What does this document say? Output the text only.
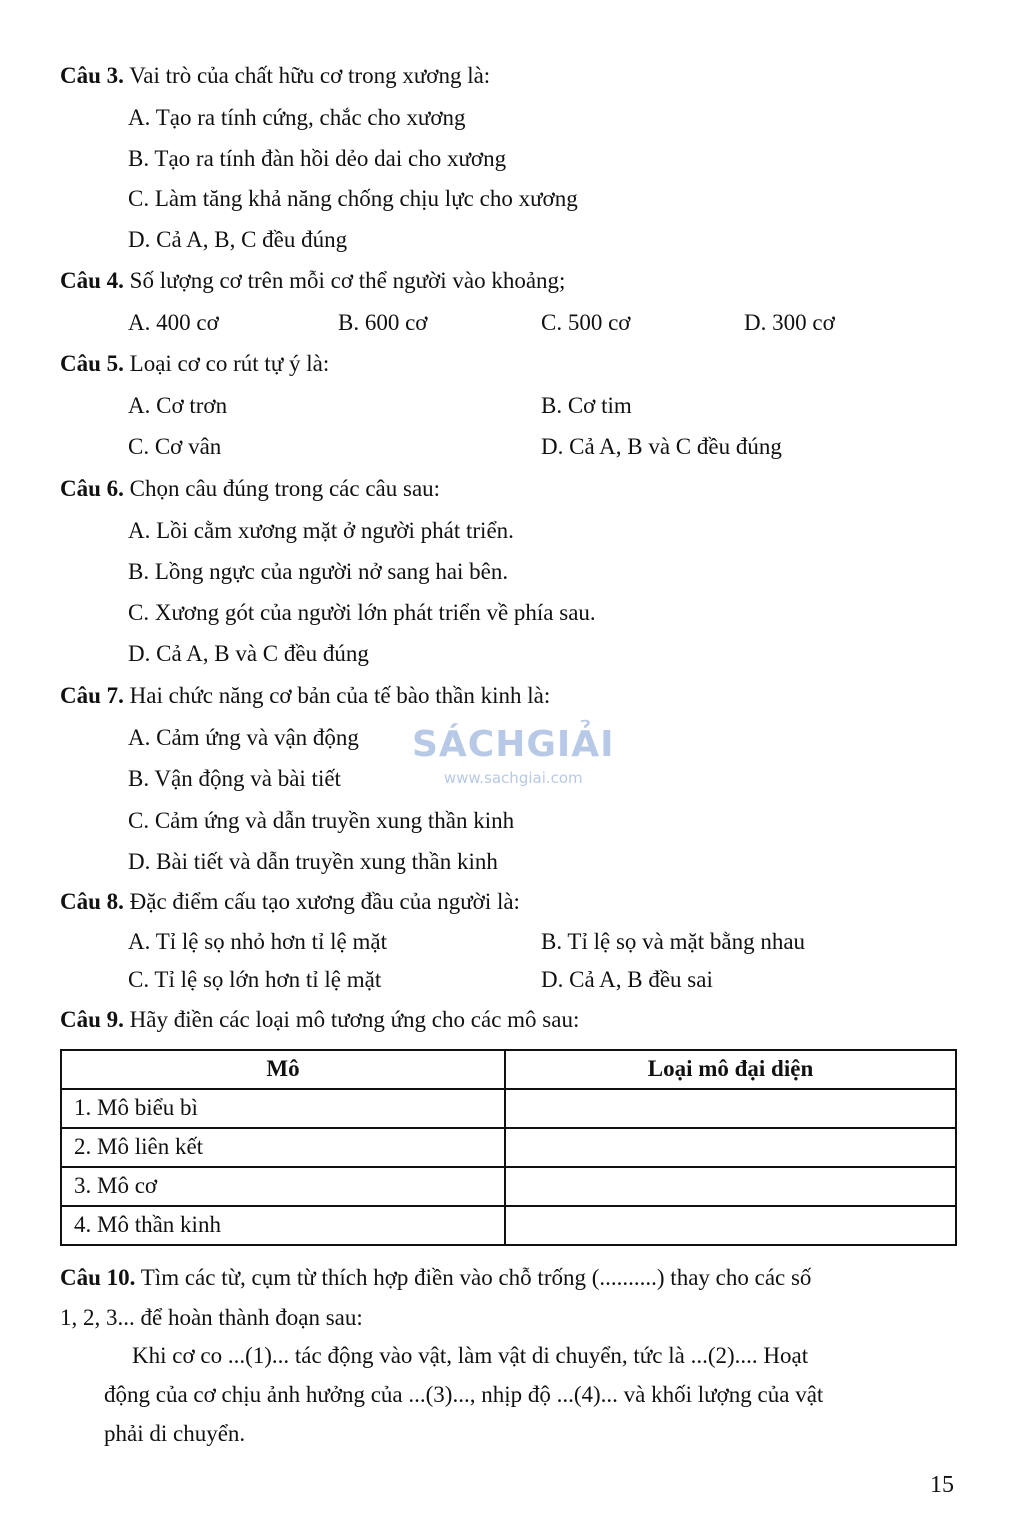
Câu 3. Vai trò của chất hữu cơ trong xương là:
A. Tạo ra tính cứng, chắc cho xương
B. Tạo ra tính đàn hồi dẻo dai cho xương
C. Làm tăng khả năng chống chịu lực cho xương
D. Cả A, B, C đều đúng
Câu 4. Số lượng cơ trên mỗi cơ thể người vào khoảng;
A. 400 cơ	B. 600 cơ	C. 500 cơ	D. 300 cơ
Câu 5. Loại cơ co rút tự ý là:
A. Cơ trơn	B. Cơ tim
C. Cơ vân	D. Cả A, B và C đều đúng
Câu 6. Chọn câu đúng trong các câu sau:
A. Lồi cằm xương mặt ở người phát triển.
B. Lồng ngực của người nở sang hai bên.
C. Xương gót của người lớn phát triển về phía sau.
D. Cả A, B và C đều đúng
Câu 7. Hai chức năng cơ bản của tế bào thần kinh là:
A. Cảm ứng và vận động
B. Vận động và bài tiết
C. Cảm ứng và dẫn truyền xung thần kinh
D. Bài tiết và dẫn truyền xung thần kinh
Câu 8. Đặc điểm cấu tạo xương đầu của người là:
A. Tỉ lệ sọ nhỏ hơn tỉ lệ mặt	B. Tỉ lệ sọ và mặt bằng nhau
C. Tỉ lệ sọ lớn hơn tỉ lệ mặt	D. Cả A, B đều sai
Câu 9. Hãy điền các loại mô tương ứng cho các mô sau:
Mô	Loại mô đại diện
1. Mô biểu bì	
2. Mô liên kết	
3. Mô cơ	
4. Mô thần kinh	
Câu 10. Tìm các từ, cụm từ thích hợp điền vào chỗ trống (..........) thay cho các số
1, 2, 3... để hoàn thành đoạn sau:
Khi cơ co ...(1)... tác động vào vật, làm vật di chuyển, tức là ...(2).... Hoạt
động của cơ chịu ảnh hưởng của ...(3)..., nhịp độ ...(4)... và khối lượng của vật
phải di chuyển.
SÁCHGIẢI
www.sachgiai.com
15
